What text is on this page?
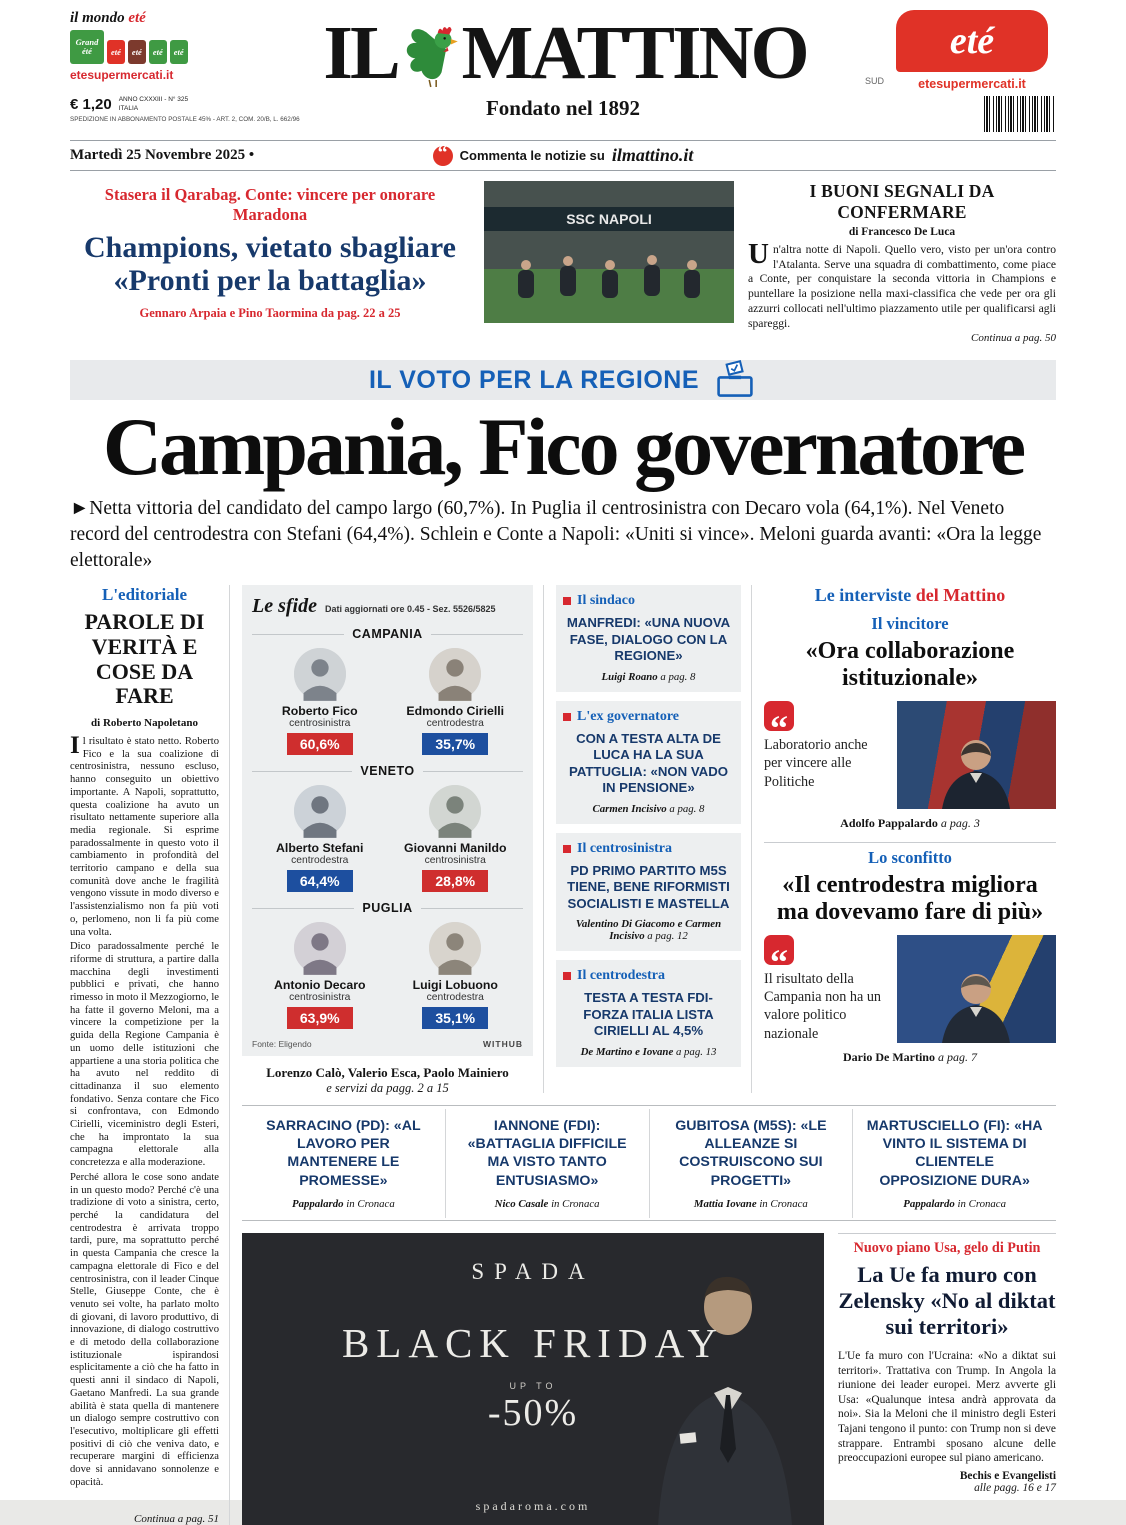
il mondo eté
Grand été	eté	eté	eté	eté
etesupermercati.it	IL MATTINO	SUD
eté
etesupermercati.it
€ 1,20 ANNO CXXXIII - N° 325
ITALIA
SPEDIZIONE IN ABBONAMENTO POSTALE 45% - ART. 2, COM. 20/B, L. 662/96	Fondato nel 1892
Martedì 25 Novembre 2025 • “	Commenta le notizie su ilmattino.it
Stasera il Qarabag. Conte: vincere per onorare Maradona
Champions, vietato sbagliare
«Pronti per la battaglia»
Gennaro Arpaia e Pino Taormina da pag. 22 a 25
SSC NAPOLI
I BUONI SEGNALI DA CONFERMARE
di Francesco De Luca
Un'altra notte di Napoli. Quello vero, visto per un'ora contro l'Atalanta. Serve una squadra di combattimento, come piace a Conte, per conquistare la seconda vittoria in Champions e puntellare la posizione nella maxi-classifica che vede per ora gli azzurri collocati nell'ultimo piazzamento utile per qualificarsi agli spareggi.
Continua a pag. 50
IL VOTO PER LA REGIONE
Campania, Fico governatore
►Netta vittoria del candidato del campo largo (60,7%). In Puglia il centrosinistra con Decaro vola (64,1%). Nel Veneto record del centrodestra con Stefani (64,4%). Schlein e Conte a Napoli: «Uniti si vince». Meloni guarda avanti: «Ora la legge elettorale»
L'editoriale
PAROLE DI VERITÀ E COSE DA FARE
di Roberto Napoletano

Il risultato è stato netto. Roberto Fico e la sua coalizione di centrosinistra, nessuno escluso, hanno conseguito un obiettivo importante. A Napoli, soprattutto, questa coalizione ha avuto un risultato nettamente superiore alla media regionale. Si esprime paradossalmente in questo voto il cambiamento in profondità del territorio campano e della sua comunità dove anche le fragilità vengono vissute in modo diverso e l'assistenzialismo non fa più voti o, perlomeno, non li fa più come una volta.

Dico paradossalmente perché le riforme di struttura, a partire dalla macchina degli investimenti pubblici e privati, che hanno rimesso in moto il Mezzogiorno, le ha fatte il governo Meloni, ma a vincere la competizione per la guida della Regione Campania è un uomo delle istituzioni che appartiene a una storia politica che ha avuto nel reddito di cittadinanza il suo elemento fondativo. Senza contare che Fico si confrontava, con Edmondo Cirielli, viceministro degli Esteri, che ha improntato la sua campagna elettorale alla concretezza e alla moderazione.

Perché allora le cose sono andate in un questo modo? Perché c'è una tradizione di voto a sinistra, certo, perché la candidatura del centrodestra è arrivata troppo tardi, pure, ma soprattutto perché in questa Campania che cresce la campagna elettorale di Fico e del centrosinistra, con il leader Cinque Stelle, Giuseppe Conte, che è venuto sei volte, ha parlato molto di giovani, di lavoro produttivo, di innovazione, di dialogo costruttivo e di metodo della collaborazione istituzionale ispirandosi esplicitamente a ciò che ha fatto in questi anni il sindaco di Napoli, Gaetano Manfredi. La sua grande abilità è stata quella di mantenere un dialogo sempre costruttivo con l'esecutivo, moltiplicare gli effetti positivi di ciò che veniva dato, e recuperare margini di efficienza dove si annidavano sonnolenze e opacità.

Continua a pag. 51
Le sfide Dati aggiornati ore 0.45 - Sez. 5526/5825
CAMPANIA
Roberto Fico
centrosinistra
60,6%
Edmondo Cirielli
centrodestra
35,7%
VENETO
Alberto Stefani
centrodestra
64,4%
Giovanni Manildo
centrosinistra
28,8%
PUGLIA
Antonio Decaro
centrosinistra
63,9%
Luigi Lobuono
centrodestra
35,1%
Fonte: Eligendo	WITHUB
Lorenzo Calò, Valerio Esca, Paolo Mainiero
e servizi da pagg. 2 a 15
Il sindaco
MANFREDI: «UNA NUOVA FASE, DIALOGO CON LA REGIONE»
Luigi Roano a pag. 8
L'ex governatore
CON A TESTA ALTA DE LUCA HA LA SUA PATTUGLIA: «NON VADO IN PENSIONE»
Carmen Incisivo a pag. 8
Il centrosinistra
PD PRIMO PARTITO M5S TIENE, BENE RIFORMISTI SOCIALISTI E MASTELLA
Valentino Di Giacomo e Carmen Incisivo a pag. 12
Il centrodestra
TESTA A TESTA FDI-FORZA ITALIA LISTA CIRIELLI AL 4,5%
De Martino e Iovane a pag. 13
Le interviste del Mattino
Il vincitore
«Ora collaborazione istituzionale»
“
Laboratorio anche per vincere alle Politiche
Adolfo Pappalardo a pag. 3
Lo sconfitto
«Il centrodestra migliora ma dovevamo fare di più»
“
Il risultato della Campania non ha un valore politico nazionale
Dario De Martino a pag. 7
SARRACINO (PD): «AL LAVORO PER MANTENERE LE PROMESSE»
Pappalardo in Cronaca
IANNONE (FDI): «BATTAGLIA DIFFICILE MA VISTO TANTO ENTUSIASMO»
Nico Casale in Cronaca
GUBITOSA (M5S): «LE ALLEANZE SI COSTRUISCONO SUI PROGETTI»
Mattia Iovane in Cronaca
MARTUSCIELLO (FI): «HA VINTO IL SISTEMA DI CLIENTELE OPPOSIZIONE DURA»
Pappalardo in Cronaca
SPADA
BLACK FRIDAY
UP TO
-50%
spadaroma.com
Nuovo piano Usa, gelo di Putin
La Ue fa muro con Zelensky «No al diktat sui territori»

L'Ue fa muro con l'Ucraina: «No a diktat sui territori». Trattativa con Trump. In Angola la riunione dei leader europei. Merz avverte gli Usa: «Qualunque intesa andrà approvata da noi». Sia la Meloni che il ministro degli Esteri Tajani tengono il punto: con Trump non si deve strappare. Entrambi sposano alcune delle preoccupazioni europee sul piano americano.

Bechis e Evangelisti
alle pagg. 16 e 17
